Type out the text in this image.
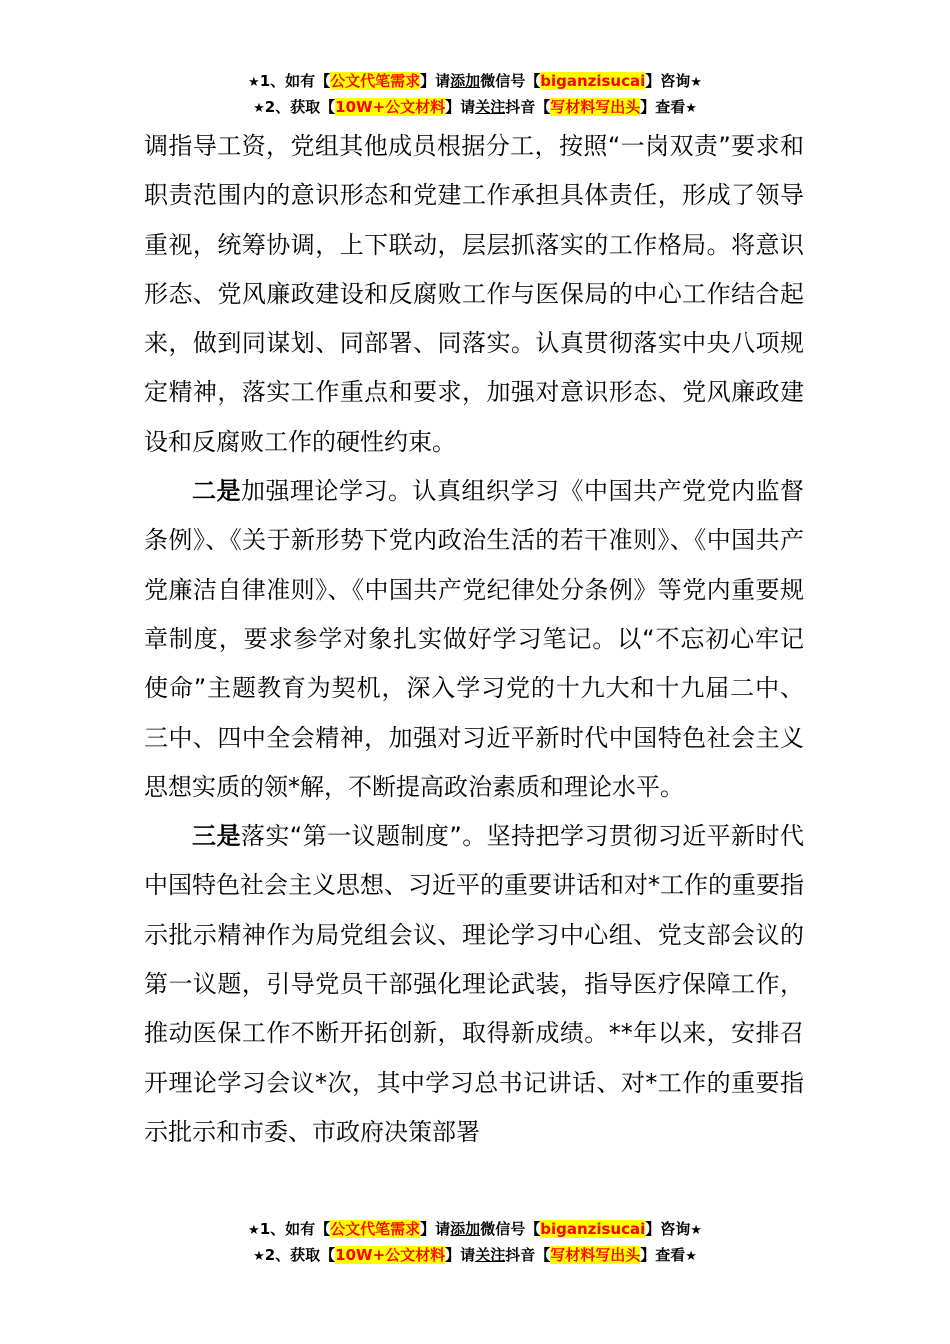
★1、如有【公文代笔需求】请添加微信号【biganzisucai】咨询★
★2、获取【10W+公文材料】请关注抖音【写材料写出头】查看★

调指导工资，党组其他成员根据分工，按照“一岗双责”要求和职责范围内的意识形态和党建工作承担具体责任，形成了领导重视，统筹协调，上下联动，层层抓落实的工作格局。将意识形态、党风廉政建设和反腐败工作与医保局的中心工作结合起来，做到同谋划、同部署、同落实。认真贯彻落实中央八项规定精神，落实工作重点和要求，加强对意识形态、党风廉政建设和反腐败工作的硬性约束。

二是加强理论学习。认真组织学习《中国共产党党内监督条例》、《关于新形势下党内政治生活的若干准则》、《中国共产党廉洁自律准则》、《中国共产党纪律处分条例》等党内重要规章制度，要求参学对象扎实做好学习笔记。以“不忘初心牢记使命”主题教育为契机，深入学习党的十九大和十九届二中、三中、四中全会精神，加强对习近平新时代中国特色社会主义思想实质的领*解，不断提高政治素质和理论水平。

三是落实“第一议题制度”。坚持把学习贯彻习近平新时代中国特色社会主义思想、习近平的重要讲话和对*工作的重要指示批示精神作为局党组会议、理论学习中心组、党支部会议的第一议题，引导党员干部强化理论武装，指导医疗保障工作，推动医保工作不断开拓创新，取得新成绩。**年以来，安排召开理论学习会议*次，其中学习总书记讲话、对*工作的重要指示批示和市委、市政府决策部署

★1、如有【公文代笔需求】请添加微信号【biganzisucai】咨询★
★2、获取【10W+公文材料】请关注抖音【写材料写出头】查看★
